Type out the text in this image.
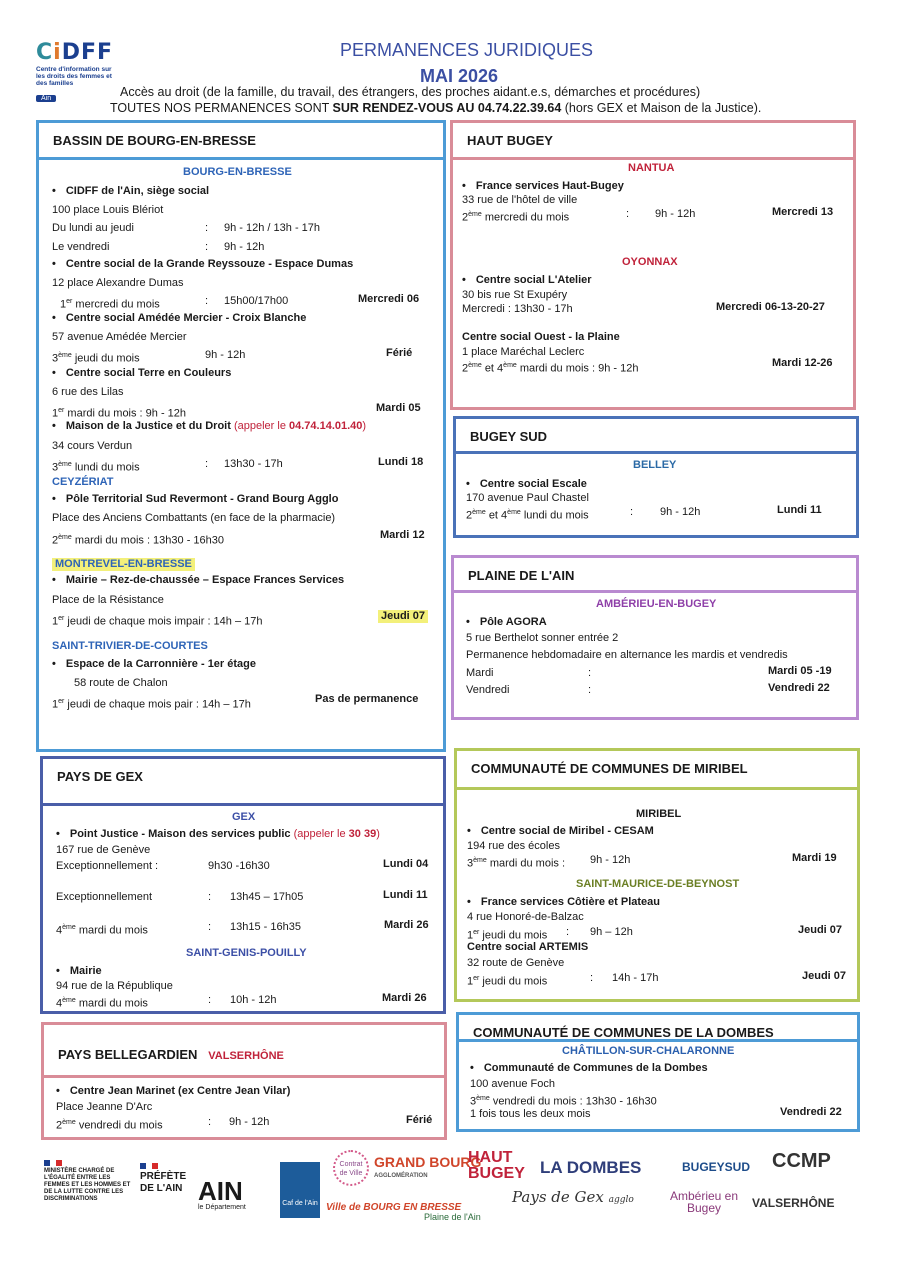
CiDFF
Centre d'information sur les droits des femmes et des familles
Ain
PERMANENCES JURIDIQUES
MAI 2026
Accès au droit (de la famille, du travail, des étrangers, des proches aidant.e.s, démarches et procédures)
TOUTES NOS PERMANENCES SONT SUR RENDEZ-VOUS AU 04.74.22.39.64 (hors GEX et Maison de la Justice).
BASSIN DE BOURG-EN-BRESSE
BOURG-EN-BRESSE
• CIDFF de l'Ain, siège social
100 place Louis Blériot
Du lundi au jeudi	: 9h - 12h / 13h - 17h
Le vendredi	: 9h - 12h
• Centre social de la Grande Reyssouze - Espace Dumas
12 place Alexandre Dumas
1er mercredi du mois	: 15h00/17h00	Mercredi 06
• Centre social Amédée Mercier - Croix Blanche
57 avenue Amédée Mercier
3ème jeudi du mois	9h - 12h	Férié
• Centre social Terre en Couleurs
6 rue des Lilas
1er mardi du mois : 9h - 12h	Mardi 05
• Maison de la Justice et du Droit (appeler le 04.74.14.01.40)
34 cours Verdun
3ème lundi du mois	: 13h30 - 17h	Lundi 18
CEYZÉRIAT
• Pôle Territorial Sud Revermont - Grand Bourg Agglo
Place des Anciens Combattants (en face de la pharmacie)
2ème mardi du mois : 13h30 - 16h30	Mardi 12
MONTREVEL-EN-BRESSE
• Mairie – Rez-de-chaussée – Espace Frances Services
Place de la Résistance
1er jeudi de chaque mois impair : 14h – 17h	Jeudi 07
SAINT-TRIVIER-DE-COURTES
• Espace de la Carronnière - 1er étage
58 route de Chalon
1er jeudi de chaque mois pair : 14h – 17h	Pas de permanence
HAUT BUGEY
NANTUA
• France services Haut-Bugey
33 rue de l'hôtel de ville
2ème mercredi du mois	: 9h - 12h	Mercredi 13
OYONNAX
• Centre social L'Atelier
30 bis rue St Exupéry
Mercredi : 13h30 - 17h	Mercredi 06-13-20-27
Centre social Ouest - la Plaine
1 place Maréchal Leclerc
2ème et 4ème mardi du mois : 9h - 12h	Mardi 12-26
BUGEY SUD
BELLEY
• Centre social Escale
170 avenue Paul Chastel
2ème et 4ème lundi du mois	: 9h - 12h	Lundi 11
PLAINE DE L'AIN
AMBÉRIEU-EN-BUGEY
• Pôle AGORA
5 rue Berthelot sonner entrée 2
Permanence hebdomadaire en alternance les mardis et vendredis
Mardi	:	Mardi 05 -19
Vendredi	:	Vendredi 22
PAYS DE GEX
GEX
• Point Justice - Maison des services public (appeler le 30 39)
167 rue de Genève
Exceptionnellement :	9h30 -16h30	Lundi 04
Exceptionnellement	: 13h45 – 17h05	Lundi 11
4ème mardi du mois	: 13h15 - 16h35	Mardi 26
SAINT-GENIS-POUILLY
• Mairie
94 rue de la République
4ème mardi du mois	: 10h - 12h	Mardi 26
COMMUNAUTÉ DE COMMUNES DE MIRIBEL
MIRIBEL
• Centre social de Miribel - CESAM
194 rue des écoles
3ème mardi du mois : 9h - 12h	Mardi 19
SAINT-MAURICE-DE-BEYNOST
• France services Côtière et Plateau
4 rue Honoré-de-Balzac
1er jeudi du mois : 9h – 12h	Jeudi 07
Centre social ARTEMIS
32 route de Genève
1er jeudi du mois	: 14h - 17h	Jeudi 07
PAYS BELLEGARDIEN VALSERHÔNE
• Centre Jean Marinet (ex Centre Jean Vilar)
Place Jeanne D'Arc
2ème vendredi du mois	: 9h - 12h	Férié
COMMUNAUTÉ DE COMMUNES DE LA DOMBES
CHÂTILLON-SUR-CHALARONNE
• Communauté de Communes de la Dombes
100 avenue Foch
3ème vendredi du mois : 13h30 - 16h30
1 fois tous les deux mois	Vendredi 22
MINISTÈRE CHARGÉ DE L'ÉGALITÉ ENTRE LES FEMMES ET LES HOMMES ET DE LA LUTTE CONTRE LES DISCRIMINATIONS
PRÉFÈTE DE L'AIN AIN
le Département
Caf de l'Ain
Contrat de Ville
GRAND BOURG
AGGLOMÉRATION
Ville de BOURG EN BRESSE
HAUT BUGEY
Plaine de l'Ain
LA DOMBES
Pays de Gex agglo
BUGEYSUD
Ambérieu en Bugey
CCMP
VALSERHÔNE
